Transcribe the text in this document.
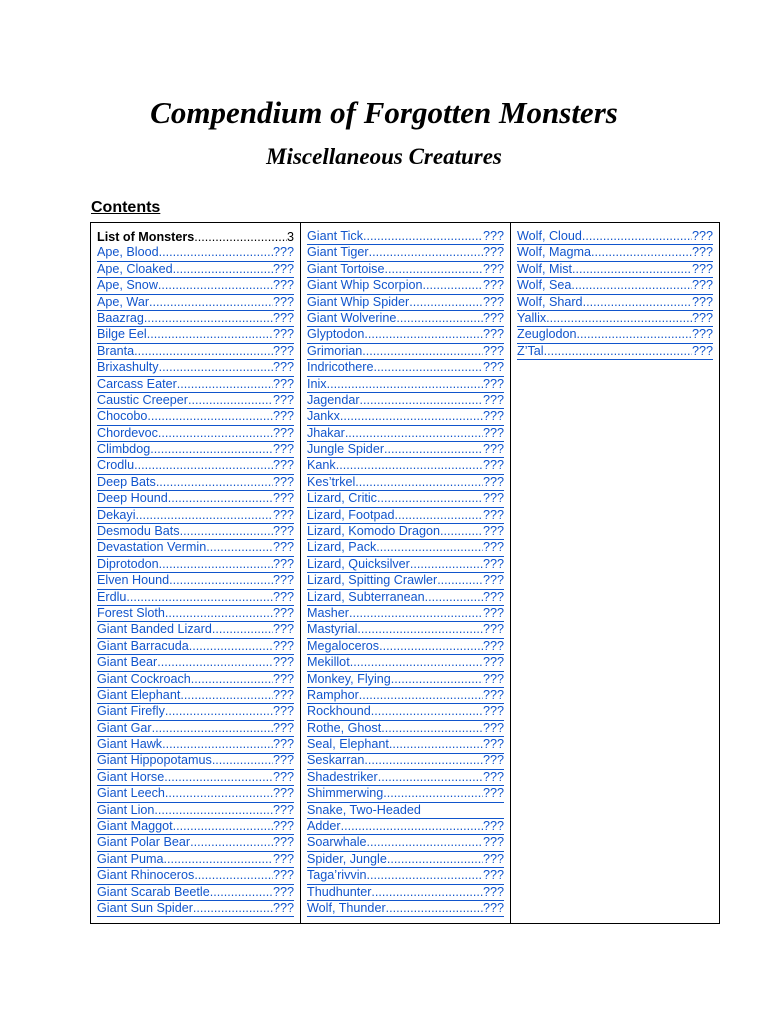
Compendium of Forgotten Monsters
Miscellaneous Creatures
Contents
List of Monsters .....	3
Ape, Blood .....	???
Ape, Cloaked .....	???
Ape, Snow .....	???
Ape, War .....	???
Baazrag .....	???
Bilge Eel .....	???
Branta .....	???
Brixashulty .....	???
Carcass Eater .....	???
Caustic Creeper .....	???
Chocobo .....	???
Chordevoc .....	???
Climbdog .....	???
Crodlu .....	???
Deep Bats .....	???
Deep Hound .....	???
Dekayi .....	???
Desmodu Bats .....	???
Devastation Vermin .....	???
Diprotodon .....	???
Elven Hound .....	???
Erdlu .....	???
Forest Sloth .....	???
Giant Banded Lizard .....	???
Giant Barracuda .....	???
Giant Bear .....	???
Giant Cockroach .....	???
Giant Elephant .....	???
Giant Firefly .....	???
Giant Gar .....	???
Giant Hawk .....	???
Giant Hippopotamus .....	???
Giant Horse .....	???
Giant Leech .....	???
Giant Lion .....	???
Giant Maggot .....	???
Giant Polar Bear .....	???
Giant Puma .....	???
Giant Rhinoceros .....	???
Giant Scarab Beetle .....	???
Giant Sun Spider .....	???

Giant Tick .....	???
Giant Tiger .....	???
Giant Tortoise .....	???
Giant Whip Scorpion .....	???
Giant Whip Spider .....	???
Giant Wolverine .....	???
Glyptodon .....	???
Grimorian .....	???
Indricothere .....	???
Inix .....	???
Jagendar .....	???
Jankx .....	???
Jhakar .....	???
Jungle Spider .....	???
Kank .....	???
Kes’trkel .....	???
Lizard, Critic .....	???
Lizard, Footpad .....	???
Lizard, Komodo Dragon .....	???
Lizard, Pack .....	???
Lizard, Quicksilver .....	???
Lizard, Spitting Crawler .....	???
Lizard, Subterranean .....	???
Masher .....	???
Mastyrial .....	???
Megaloceros .....	???
Mekillot .....	???
Monkey, Flying .....	???
Ramphor .....	???
Rockhound .....	???
Rothe, Ghost .....	???
Seal, Elephant .....	???
Seskarran .....	???
Shadestriker .....	???
Shimmerwing .....	???
Snake, Two-Headed
Adder .....	???
Soarwhale .....	???
Spider, Jungle .....	???
Taga’rivvin .....	???
Thudhunter .....	???
Wolf, Thunder .....	???

Wolf, Cloud .....	???
Wolf, Magma .....	???
Wolf, Mist .....	???
Wolf, Sea .....	???
Wolf, Shard .....	???
Yallix .....	???
Zeuglodon .....	???
Z’Tal .....	???
